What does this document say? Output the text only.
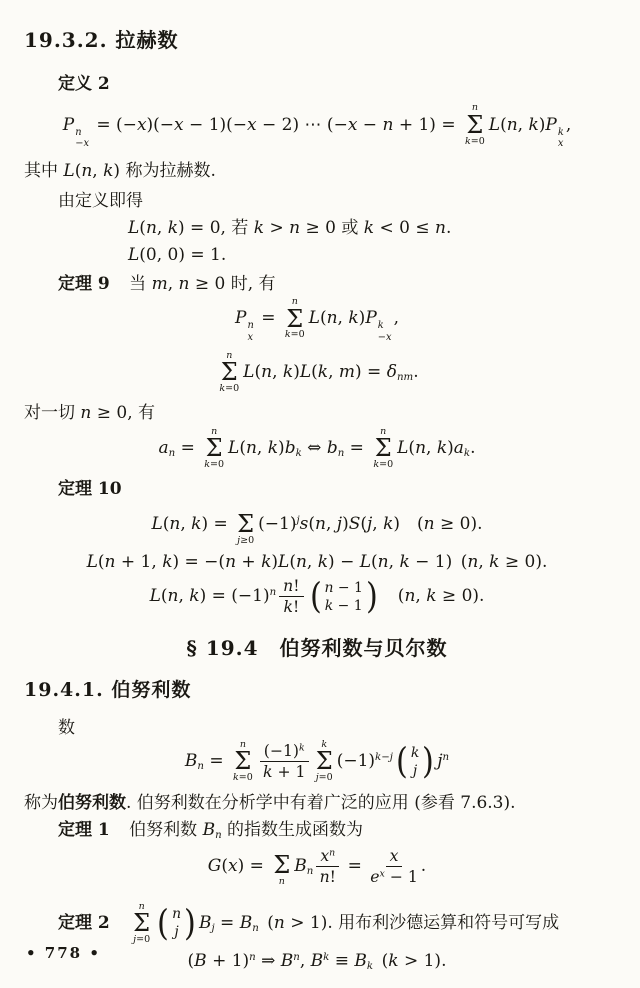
19.3.2. 拉赫数

定义 2

P n
−x
= (−x)(−x − 1)(−x − 2) ⋯ (−x − n + 1) =
n
Σ
k=0
L(n, k)P k
x
,

其中 L(n, k) 称为拉赫数.

由定义即得

L(n, k) = 0, 若 k > n ≥ 0 或 k < 0 ≤ n.

L(0, 0) = 1.

定理 9 当 m, n ≥ 0 时, 有

P n
x
=
n
Σ
k=0
L(n, k)P k
−x
,

n
Σ
k=0
L(n, k)L(k, $m) = \delta_{nm}$.

对一切 n ≥ 0, 有

$a_n$ =
n
Σ
k=0
L(n, $k)b_k$ ⇔ $b_n$ =
n
Σ
k=0
L(n, $k)a_k$.

定理 10

L(n, k) = Σ
j≥0
$(-1)^js(n$, j)S(j, k)  (n ≥ 0).

L(n + 1, k) = −(n + k)L(n, k) − L(n, k − 1) (n, k ≥ 0).

L(n, $k) = (-1)^n \frac{n!}{k!}$ ( n − 1
k − 1 )   (n, k ≥ 0).

§ 19.4 伯努利数与贝尔数
19.4.1. 伯努利数

数

$B_n$ =
n
Σ
$k=0 \frac{(-1)^k}{k + 1}$ k
Σ
j=0
$(-1)^{k-j}$ ( k
j ) $j^n$

称为伯努利数. 伯努利数在分析学中有着广泛的应用 (参看 7.6.3).

定理 1 伯努利数 $B_n$ 的指数生成函数为

G(x) = Σ
n
$B_n \frac{x^n}{n!} = \frac{x}{e^x - 1}$ .

定理 2
n
Σ
j=0 ( n
j ) $B_j = B_n$ (n > 1). 用布利沙德运算和符号可写成

$(B + 1)^n$ ⇒ $B^n$, $B^k \equiv B_k$ (k > 1).

• 778 •
